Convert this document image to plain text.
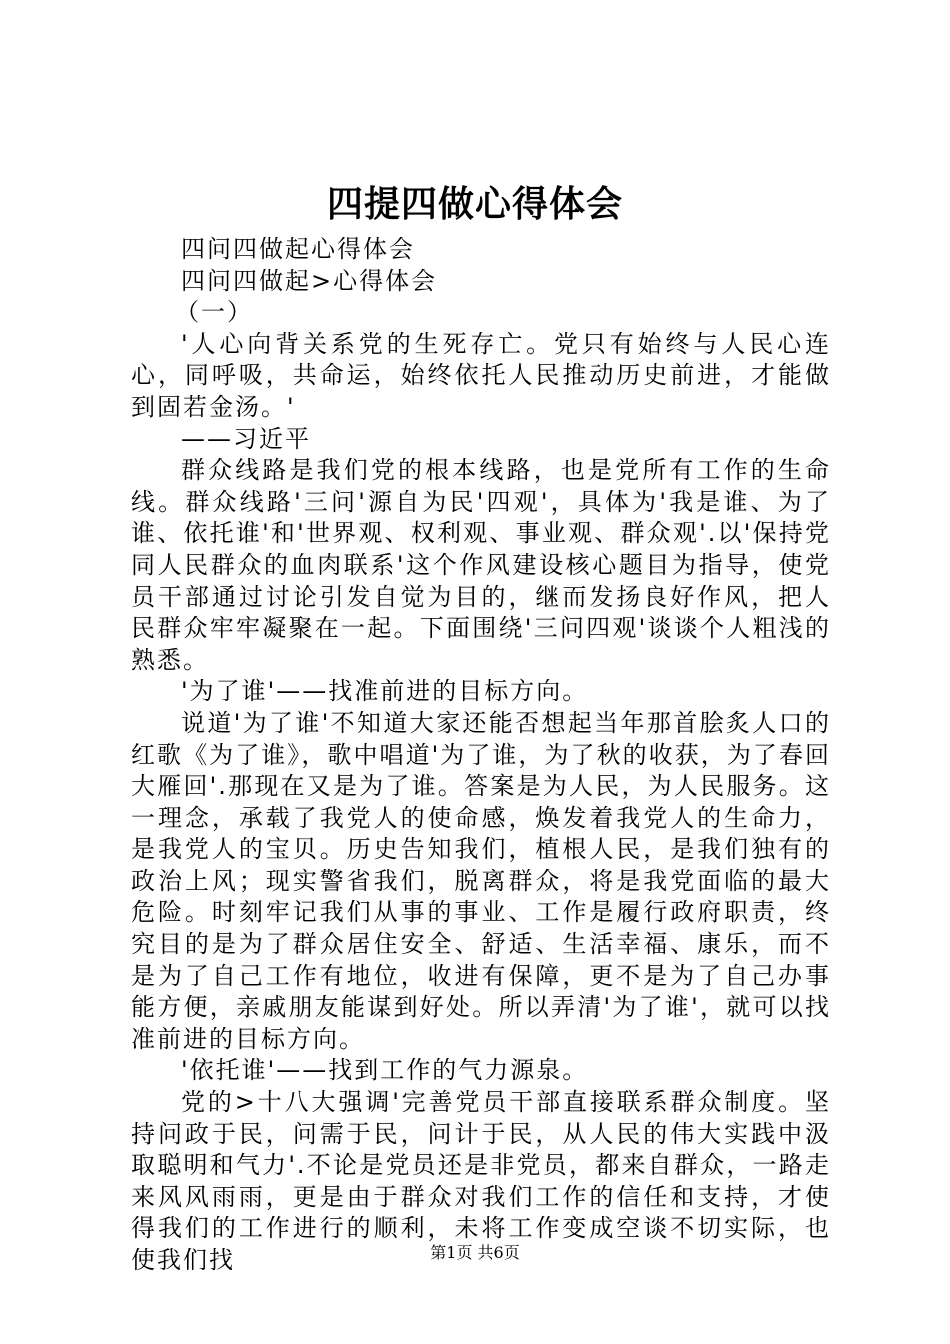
四提四做心得体会

四问四做起心得体会

四问四做起>心得体会

（一）

'人心向背关系党的生死存亡。党只有始终与人民心连心，同呼吸，共命运，始终依托人民推动历史前进，才能做到固若金汤。'

——习近平

群众线路是我们党的根本线路，也是党所有工作的生命线。群众线路'三问'源自为民'四观'，具体为'我是谁、为了谁、依托谁'和'世界观、权利观、事业观、群众观'.以'保持党同人民群众的血肉联系'这个作风建设核心题目为指导，使党员干部通过讨论引发自觉为目的，继而发扬良好作风，把人民群众牢牢凝聚在一起。下面围绕'三问四观'谈谈个人粗浅的熟悉。

'为了谁'——找准前进的目标方向。

说道'为了谁'不知道大家还能否想起当年那首脍炙人口的红歌《为了谁》，歌中唱道'为了谁，为了秋的收获，为了春回大雁回'.那现在又是为了谁。答案是为人民，为人民服务。这一理念，承载了我党人的使命感，焕发着我党人的生命力，是我党人的宝贝。历史告知我们，植根人民，是我们独有的政治上风；现实警省我们，脱离群众，将是我党面临的最大危险。时刻牢记我们从事的事业、工作是履行政府职责，终究目的是为了群众居住安全、舒适、生活幸福、康乐，而不是为了自己工作有地位，收进有保障，更不是为了自己办事能方便，亲戚朋友能谋到好处。所以弄清'为了谁'，就可以找准前进的目标方向。

'依托谁'——找到工作的气力源泉。

党的>十八大强调'完善党员干部直接联系群众制度。坚持问政于民，问需于民，问计于民，从人民的伟大实践中汲取聪明和气力'.不论是党员还是非党员，都来自群众，一路走来风风雨雨，更是由于群众对我们工作的信任和支持，才使得我们的工作进行的顺利，未将工作变成空谈不切实际，也使我们找	第1页 共6页
